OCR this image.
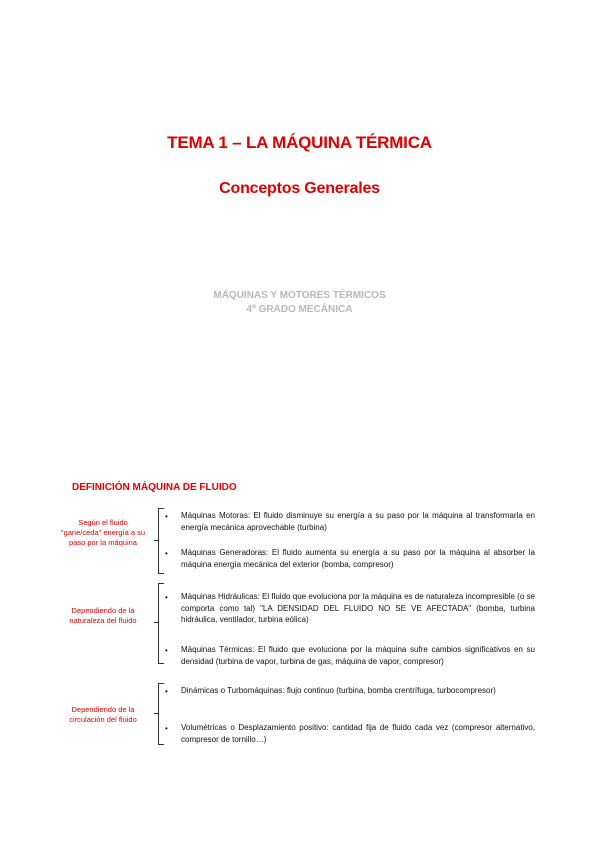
TEMA 1 – LA MÁQUINA TÉRMICA
Conceptos Generales
MÁQUINAS Y MOTORES TÉRMICOS
4º GRADO MECÁNICA
DEFINICIÓN MÁQUINA DE FLUIDO
Según el fluido "gane/ceda" energía a su paso por la máquina
• Máquinas Motoras: El fluido disminuye su energía a su paso por la máquina al transformarla en energía mecánica aprovechable (turbina)
• Máquinas Generadoras: El fluido aumenta su energía a su paso por la máquina al absorber la máquina energía mecánica del exterior (bomba, compresor)
Dependiendo de la naturaleza del fluido
• Máquinas Hidráulicas: El fluido que evoluciona por la máquina es de naturaleza incompresible (o se comporta como tal) "LA DENSIDAD DEL FLUIDO NO SE VE AFECTADA" (bomba, turbina hidráulica, ventilador, turbina eólica)
• Máquinas Térmicas: El fluido que evoluciona por la máquina sufre cambios significativos en su densidad (turbina de vapor, turbina de gas, máquina de vapor, compresor)
Dependiendo de la circulación del fluido
• Dinámicas o Turbomáquinas: flujo continuo (turbina, bomba crentrífuga, turbocompresor)
• Volumétricas o Desplazamiento positivo: cantidad fija de fluido cada vez (compresor alternativo, compresor de tornillo…)
